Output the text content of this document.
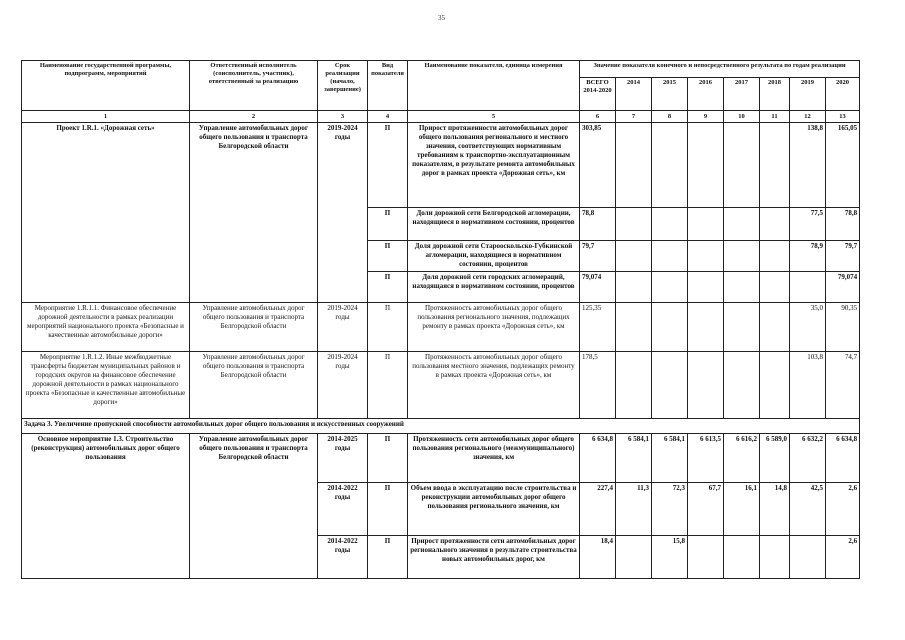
35
Наименование государственной программы, подпрограмм, мероприятий	Ответственный исполнитель (соисполнитель, участник), ответственный за реализацию	Срок реализации (начало, завершение)	Вид показателя	Наименование показателя, единица измерения	Значение показателя конечного и непосредственного результата по годам реализации							
					ВСЕГО 2014-2020	2014	2015	2016	2017	2018	2019	2020
1	2	3	4	5	6	7	8	9	10	11	12	13
Проект 1.R.1. «Дорожная сеть»	Управление автомобильных дорог общего пользования и транспорта Белгородской области	2019-2024 годы	П	Прирост протяженности автомобильных дорог общего пользования регионального и местного значения, соответствующих нормативным требованиям к транспортно-эксплуатационным показателям, в результате ремонта автомобильных дорог в рамках проекта «Дорожная сеть», км	303,85						138,8	165,05
			П	Доли дорожной сети Белгородской агломерации, находящиеся в нормативном состоянии, процентов	78,8						77,5	78,8
			П	Доля дорожной сети Старооскольско-Губкинской агломерации, находящиеся в нормативном состоянии, процентов	79,7						78,9	79,7
			П	Доля дорожной сети городских агломераций, находящаяся в нормативном состоянии, процентов	79,074							79,074
Мероприятие 1.R.1.1. Финансовое обеспечение дорожной деятельности в рамках реализации мероприятий национального проекта «Безопасные и качественные автомобильные дороги»	Управление автомобильных дорог общего пользования и транспорта Белгородской области	2019-2024 годы	П	Протяженность автомобильных дорог общего пользования регионального значения, подлежащих ремонту в рамках проекта «Дорожная сеть», км	125,35						35,0	90,35
Мероприятие 1.R.1.2. Иные межбюджетные трансферты бюджетам муниципальных районов и городских округов на финансовое обеспечение дорожной деятельности в рамках национального проекта «Безопасные и качественные автомобильные дороги»	Управление автомобильных дорог общего пользования и транспорта Белгородской области	2019-2024 годы	П	Протяженность автомобильных дорог общего пользования местного значения, подлежащих ремонту в рамках проекта «Дорожная сеть», км	178,5						103,8	74,7
Задача 3. Увеличение пропускной способности автомобильных дорог общего пользования и искусственных сооружений												
Основное мероприятие 1.3. Строительство (реконструкция) автомобильных дорог общего пользования	Управление автомобильных дорог общего пользования и транспорта Белгородской области	2014-2025 годы	П	Протяженность сети автомобильных дорог общего пользования регионального (межмуниципального) значения, км	6 634,8	6 584,1	6 584,1	6 613,5	6 616,2	6 589,0	6 632,2	6 634,8
		2014-2022 годы	П	Объем ввода в эксплуатацию после строительства и реконструкции автомобильных дорог общего пользования регионального значения, км	227,4	11,3	72,3	67,7	16,1	14,8	42,5	2,6
		2014-2022 годы	П	Прирост протяженности сети автомобильных дорог регионального значения в результате строительства новых автомобильных дорог, км	18,4		15,8					2,6
